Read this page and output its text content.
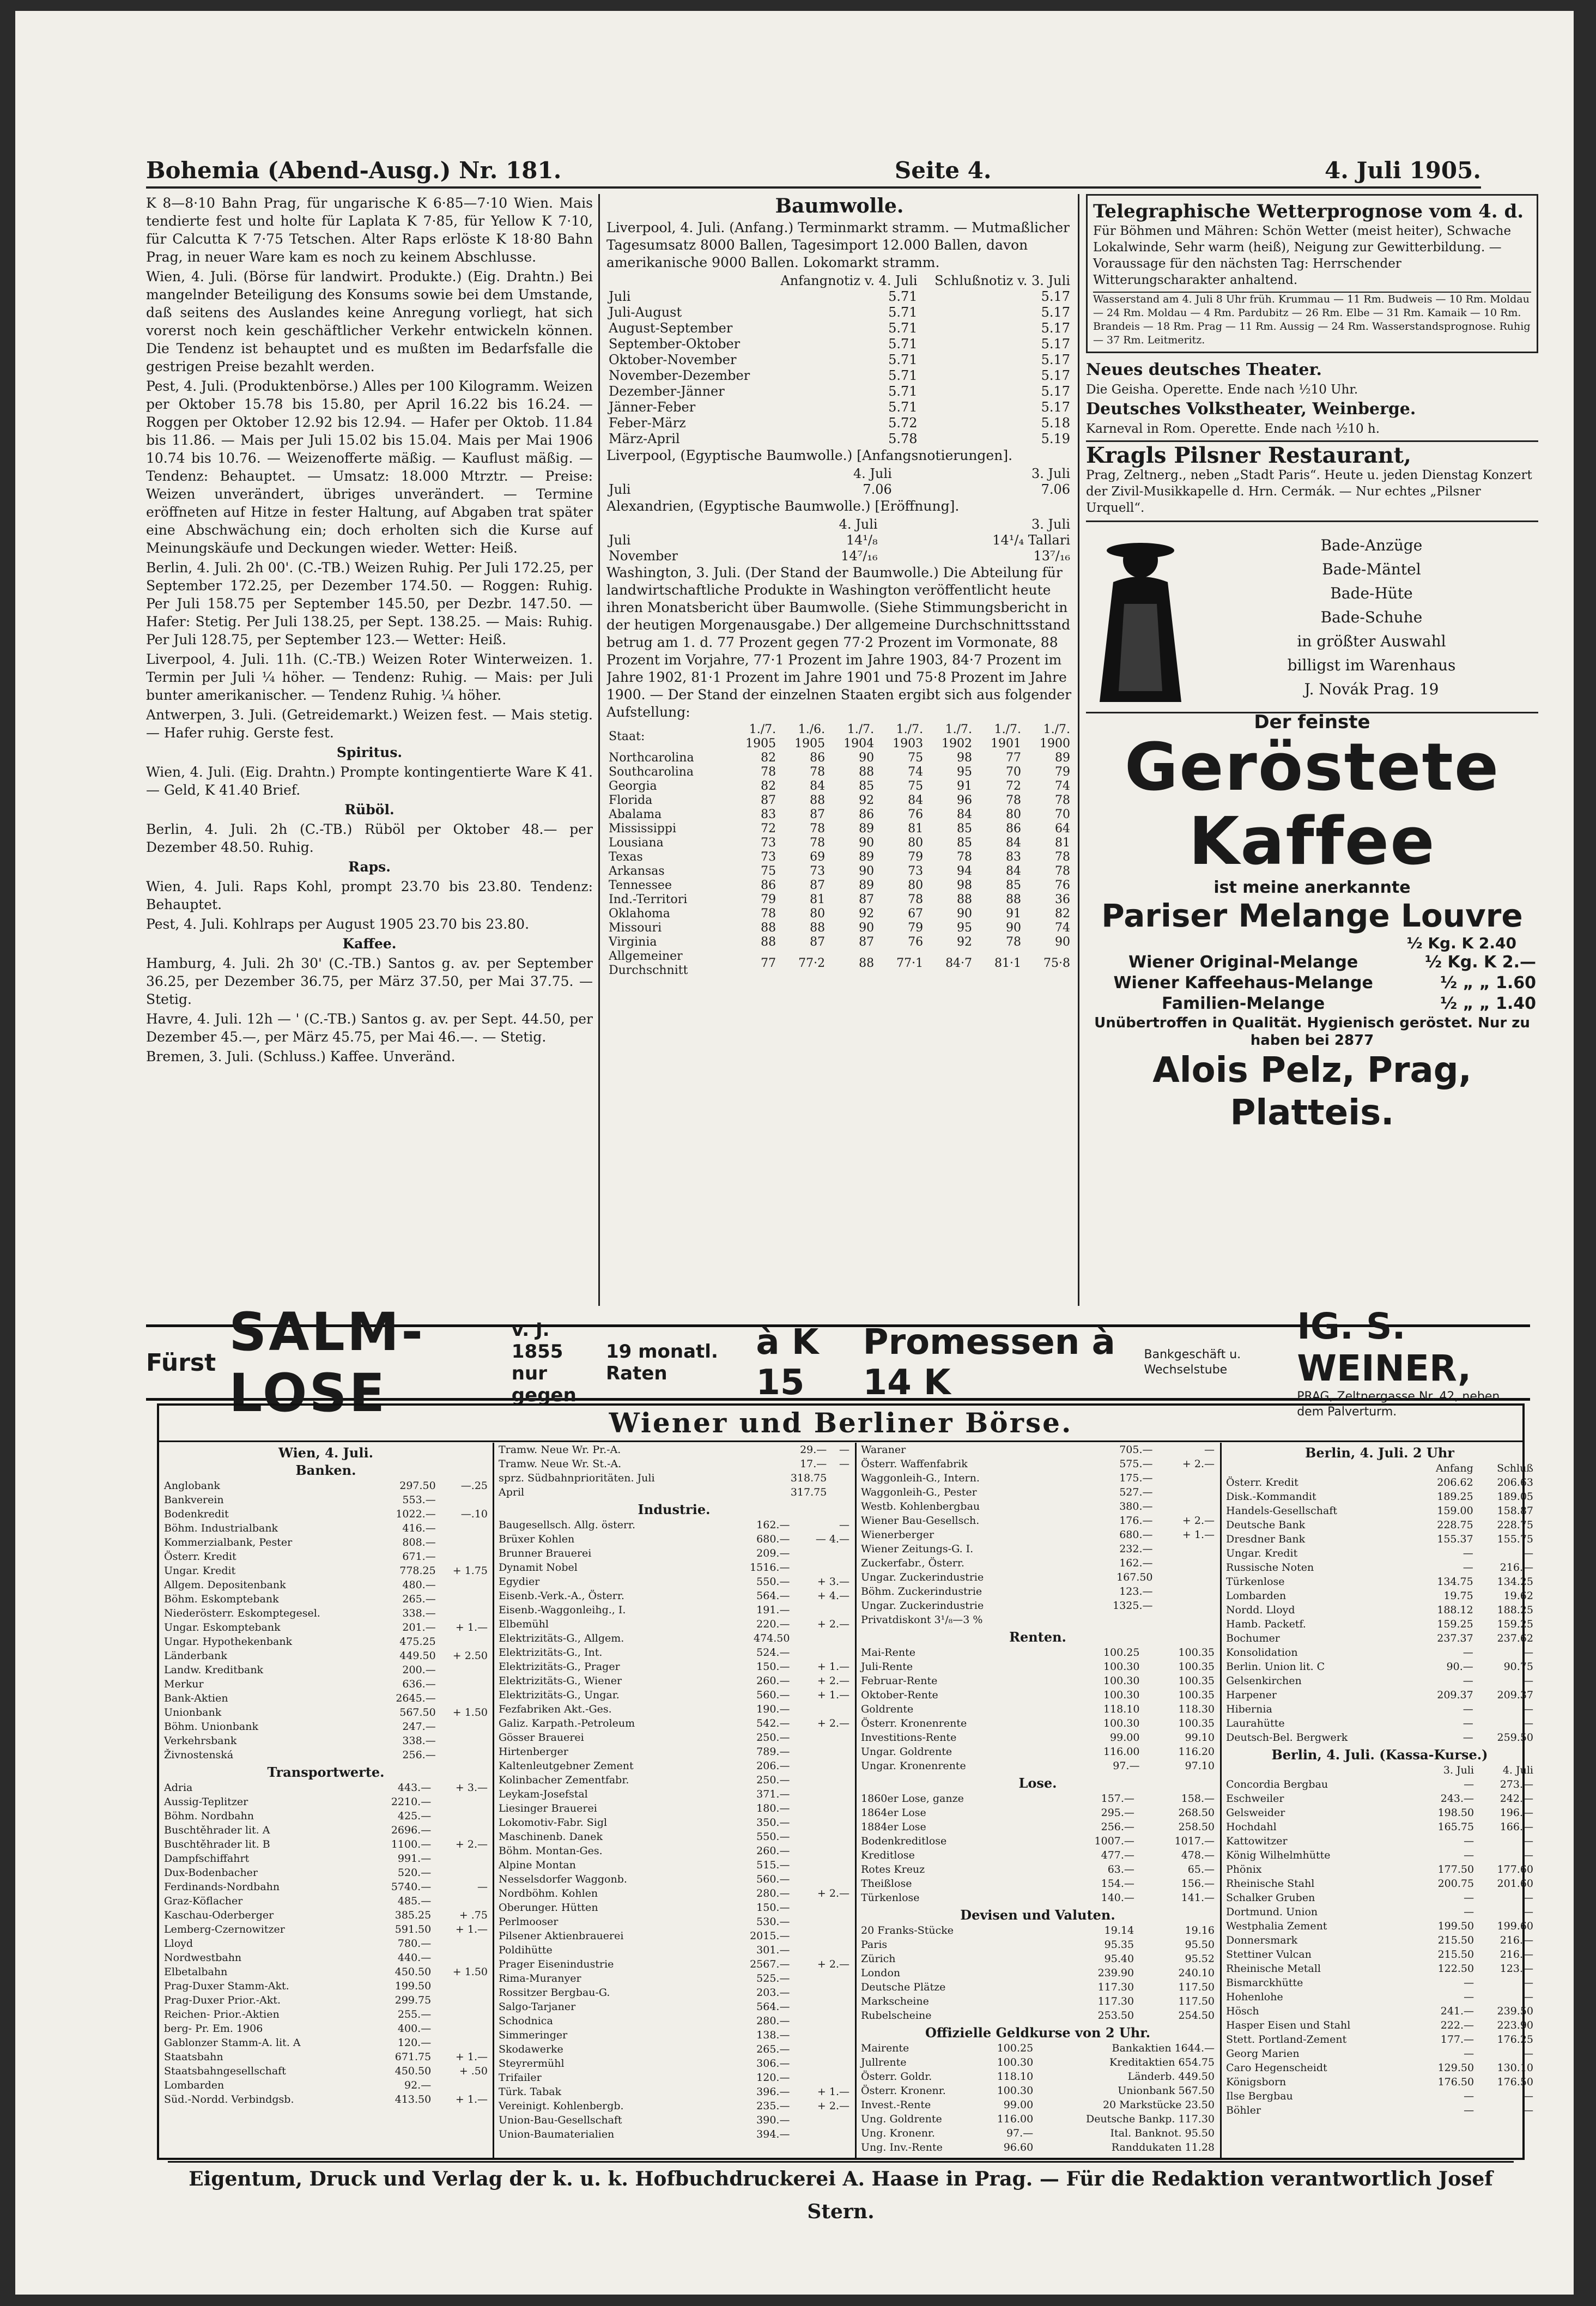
Bohemia (Abend-Ausg.) Nr. 181.	Seite 4.	4. Juli 1905.

K 8—8·10 Bahn Prag, für ungarische K 6·85—7·10 Wien. Mais tendierte fest und holte für Laplata K 7·85, für Yellow K 7·10, für Calcutta K 7·75 Tetschen. Alter Raps erlöste K 18·80 Bahn Prag, in neuer Ware kam es noch zu keinem Abschlusse.

Wien, 4. Juli. (Börse für landwirt. Produkte.) (Eig. Drahtn.) Bei mangelnder Beteiligung des Konsums sowie bei dem Umstande, daß seitens des Auslandes keine Anregung vorliegt, hat sich vorerst noch kein geschäftlicher Verkehr entwickeln können. Die Tendenz ist behauptet und es mußten im Bedarfsfalle die gestrigen Preise bezahlt werden.

Pest, 4. Juli. (Produktenbörse.) Alles per 100 Kilogramm. Weizen per Oktober 15.78 bis 15.80, per April 16.22 bis 16.24. — Roggen per Oktober 12.92 bis 12.94. — Hafer per Oktob. 11.84 bis 11.86. — Mais per Juli 15.02 bis 15.04. Mais per Mai 1906 10.74 bis 10.76. — Weizenofferte mäßig. — Kauflust mäßig. — Tendenz: Behauptet. — Umsatz: 18.000 Mtrztr. — Preise: Weizen unverändert, übriges unverändert. — Termine eröffneten auf Hitze in fester Haltung, auf Abgaben trat später eine Abschwächung ein; doch erholten sich die Kurse auf Meinungskäufe und Deckungen wieder. Wetter: Heiß.

Berlin, 4. Juli. 2h 00'. (C.-TB.) Weizen Ruhig. Per Juli 172.25, per September 172.25, per Dezember 174.50. — Roggen: Ruhig. Per Juli 158.75 per September 145.50, per Dezbr. 147.50. — Hafer: Stetig. Per Juli 138.25, per Sept. 138.25. — Mais: Ruhig. Per Juli 128.75, per September 123.— Wetter: Heiß.

Liverpool, 4. Juli. 11h. (C.-TB.) Weizen Roter Winterweizen. 1. Termin per Juli ¼ höher. — Tendenz: Ruhig. — Mais: per Juli bunter amerikanischer. — Tendenz Ruhig. ¼ höher.

Antwerpen, 3. Juli. (Getreidemarkt.) Weizen fest. — Mais stetig. — Hafer ruhig. Gerste fest.

Spiritus.

Wien, 4. Juli. (Eig. Drahtn.) Prompte kontingentierte Ware K 41.— Geld, K 41.40 Brief.

Rüböl.

Berlin, 4. Juli. 2h (C.-TB.) Rüböl per Oktober 48.— per Dezember 48.50. Ruhig.

Raps.

Wien, 4. Juli. Raps Kohl, prompt 23.70 bis 23.80. Tendenz: Behauptet.

Pest, 4. Juli. Kohlraps per August 1905 23.70 bis 23.80.

Kaffee.

Hamburg, 4. Juli. 2h 30' (C.-TB.) Santos g. av. per September 36.25, per Dezember 36.75, per März 37.50, per Mai 37.75. — Stetig.

Havre, 4. Juli. 12h — ' (C.-TB.) Santos g. av. per Sept. 44.50, per Dezember 45.—, per März 45.75, per Mai 46.—. — Stetig.

Bremen, 3. Juli. (Schluss.) Kaffee. Unveränd.

Baumwolle.

Liverpool, 4. Juli. (Anfang.) Terminmarkt stramm. — Mutmaßlicher Tagesumsatz 8000 Ballen, Tagesimport 12.000 Ballen, davon amerikanische 9000 Ballen. Lokomarkt stramm.

	Anfangnotiz v. 4. Juli	Schlußnotiz v. 3. Juli
Juli	5.71	5.17
Juli-August	5.71	5.17
August-September	5.71	5.17
September-Oktober	5.71	5.17
Oktober-November	5.71	5.17
November-Dezember	5.71	5.17
Dezember-Jänner	5.71	5.17
Jänner-Feber	5.71	5.17
Feber-März	5.72	5.18
März-April	5.78	5.19

Liverpool, (Egyptische Baumwolle.) [Anfangsnotierungen].

	4. Juli	3. Juli
Juli	7.06	7.06

Alexandrien, (Egyptische Baumwolle.) [Eröffnung].

	4. Juli	3. Juli
Juli	14¹/₈	14¹/₄ Tallari
November	14⁷/₁₆	13⁷/₁₆

Washington, 3. Juli. (Der Stand der Baumwolle.) Die Abteilung für landwirtschaftliche Produkte in Washington veröffentlicht heute ihren Monatsbericht über Baumwolle. (Siehe Stimmungsbericht in der heutigen Morgenausgabe.) Der allgemeine Durchschnittsstand betrug am 1. d. 77 Prozent gegen 77·2 Prozent im Vormonate, 88 Prozent im Vorjahre, 77·1 Prozent im Jahre 1903, 84·7 Prozent im Jahre 1902, 81·1 Prozent im Jahre 1901 und 75·8 Prozent im Jahre 1900. — Der Stand der einzelnen Staaten ergibt sich aus folgender Aufstellung:

Staat:	1./7. 1905	1./6. 1905	1./7. 1904	1./7. 1903	1./7. 1902	1./7. 1901	1./7. 1900
Northcarolina	82	86	90	75	98	77	89
Southcarolina	78	78	88	74	95	70	79
Georgia	82	84	85	75	91	72	74
Florida	87	88	92	84	96	78	78
Abalama	83	87	86	76	84	80	70
Mississippi	72	78	89	81	85	86	64
Lousiana	73	78	90	80	85	84	81
Texas	73	69	89	79	78	83	78
Arkansas	75	73	90	73	94	84	78
Tennessee	86	87	89	80	98	85	76
Ind.-Territori	79	81	87	78	88	88	36
Oklahoma	78	80	92	67	90	91	82
Missouri	88	88	90	79	95	90	74
Virginia	88	87	87	76	92	78	90
Allgemeiner Durchschnitt	77	77·2	88	77·1	84·7	81·1	75·8
Telegraphische Wetterprognose vom 4. d.
Für Böhmen und Mähren: Schön Wetter (meist heiter), Schwache Lokalwinde, Sehr warm (heiß), Neigung zur Gewitterbildung. — Voraussage für den nächsten Tag: Herrschender Witterungscharakter anhaltend.
Wasserstand am 4. Juli 8 Uhr früh. Krummau — 11 Rm. Budweis — 10 Rm. Moldau — 24 Rm. Moldau — 4 Rm. Pardubitz — 26 Rm. Elbe — 31 Rm. Kamaik — 10 Rm. Brandeis — 18 Rm. Prag — 11 Rm. Aussig — 24 Rm. Wasserstandsprognose. Ruhig — 37 Rm. Leitmeritz.
Neues deutsches Theater.
Die Geisha. Operette. Ende nach ½10 Uhr.
Deutsches Volkstheater, Weinberge.
Karneval in Rom. Operette. Ende nach ½10 h.
Kragls Pilsner Restaurant,
Prag, Zeltnerg., neben „Stadt Paris“. Heute u. jeden Dienstag Konzert der Zivil-Musikkapelle d. Hrn. Cermák. — Nur echtes „Pilsner Urquell“.
Bade-Anzüge
Bade-Mäntel
Bade-Hüte
Bade-Schuhe
in größter Auswahl
billigst im Warenhaus
J. Novák Prag. 19
Der feinste
Geröstete Kaffee
ist meine anerkannte
Pariser Melange Louvre
½ Kg. K 2.40
Wiener Original-Melange	½ Kg. K 2.—
Wiener Kaffeehaus-Melange	½ „ „ 1.60
Familien-Melange	½ „ „ 1.40
Unübertroffen in Qualität. Hygienisch geröstet. Nur zu haben bei 2877
Alois Pelz, Prag, Platteis.
Fürst SALM-LOSE
v. J. 1855
nur gegen
19 monatl. Raten
à K 15
Promessen à 14 K
Bankgeschäft u. Wechselstube
IG. S. WEINER,
PRAG, Zeltnergasse Nr. 42, neben dem Palverturm.
Wiener und Berliner Börse.
Wien, 4. Juli.
Banken.
Anglobank	297.50	—.25
Bankverein	553.—	
Bodenkredit	1022.—	—.10
Böhm. Industrialbank	416.—	
Kommerzialbank, Pester	808.—	
Österr. Kredit	671.—	
Ungar. Kredit	778.25	+ 1.75
Allgem. Depositenbank	480.—	
Böhm. Eskomptebank	265.—	
Niederösterr. Eskomptegesel.	338.—	
Ungar. Eskomptebank	201.—	+ 1.—
Ungar. Hypothekenbank	475.25	
Länderbank	449.50	+ 2.50
Landw. Kreditbank	200.—	
Merkur	636.—	
Bank-Aktien	2645.—	
Unionbank	567.50	+ 1.50
Böhm. Unionbank	247.—	
Verkehrsbank	338.—	
Živnostenská	256.—	
Transportwerte.
Adria	443.—	+ 3.—
Aussig-Teplitzer	2210.—	
Böhm. Nordbahn	425.—	
Buschtěhrader lit. A	2696.—	
Buschtěhrader lit. B	1100.—	+ 2.—
Dampfschiffahrt	991.—	
Dux-Bodenbacher	520.—	
Ferdinands-Nordbahn	5740.—	—
Graz-Köflacher	485.—	
Kaschau-Oderberger	385.25	+ .75
Lemberg-Czernowitzer	591.50	+ 1.—
Lloyd	780.—	
Nordwestbahn	440.—	
Elbetalbahn	450.50	+ 1.50
Prag-Duxer Stamm-Akt.	199.50	
Prag-Duxer Prior.-Akt.	299.75	
Reichen- Prior.-Aktien	255.—	
berg- Pr. Em. 1906	400.—	
Gablonzer Stamm-A. lit. A	120.—	
Staatsbahn	671.75	+ 1.—
Staatsbahngesellschaft	450.50	+ .50
Lombarden	92.—	
Süd.-Nordd. Verbindgsb.	413.50	+ 1.—
Tramw. Neue Wr. Pr.-A.	29.—	—
Tramw. Neue Wr. St.-A.	17.—	—
sprz. Südbahnprioritäten. Juli	318.75	
April	317.75	
Industrie.
Baugesellsch. Allg. österr.	162.—	—
Brüxer Kohlen	680.—	— 4.—
Brunner Brauerei	209.—	
Dynamit Nobel	1516.—	
Egydier	550.—	+ 3.—
Eisenb.-Verk.-A., Österr.	564.—	+ 4.—
Eisenb.-Waggonleihg., I.	191.—	
Elbemühl	220.—	+ 2.—
Elektrizitäts-G., Allgem.	474.50	
Elektrizitäts-G., Int.	524.—	
Elektrizitäts-G., Prager	150.—	+ 1.—
Elektrizitäts-G., Wiener	260.—	+ 2.—
Elektrizitäts-G., Ungar.	560.—	+ 1.—
Fezfabriken Akt.-Ges.	190.—	
Galiz. Karpath.-Petroleum	542.—	+ 2.—
Gösser Brauerei	250.—	
Hirtenberger	789.—	
Kaltenleutgebner Zement	206.—	
Kolinbacher Zementfabr.	250.—	
Leykam-Josefstal	371.—	
Liesinger Brauerei	180.—	
Lokomotiv-Fabr. Sigl	350.—	
Maschinenb. Danek	550.—	
Böhm. Montan-Ges.	260.—	
Alpine Montan	515.—	
Nesselsdorfer Waggonb.	560.—	
Nordböhm. Kohlen	280.—	+ 2.—
Oberunger. Hütten	150.—	
Perlmooser	530.—	
Pilsener Aktienbrauerei	2015.—	
Poldihütte	301.—	
Prager Eisenindustrie	2567.—	+ 2.—
Rima-Muranyer	525.—	
Rossitzer Bergbau-G.	203.—	
Salgo-Tarjaner	564.—	
Schodnica	280.—	
Simmeringer	138.—	
Skodawerke	265.—	
Steyrermühl	306.—	
Trifailer	120.—	
Türk. Tabak	396.—	+ 1.—
Vereinigt. Kohlenbergb.	235.—	+ 2.—
Union-Bau-Gesellschaft	390.—	
Union-Baumaterialien	394.—	
Waraner	705.—	—
Österr. Waffenfabrik	575.—	+ 2.—
Waggonleih-G., Intern.	175.—	
Waggonleih-G., Pester	527.—	
Westb. Kohlenbergbau	380.—	
Wiener Bau-Gesellsch.	176.—	+ 2.—
Wienerberger	680.—	+ 1.—
Wiener Zeitungs-G. I.	232.—	
Zuckerfabr., Österr.	162.—	
Ungar. Zuckerindustrie	167.50	
Böhm. Zuckerindustrie	123.—	
Ungar. Zuckerindustrie	1325.—	
Privatdiskont 3¹/₈—3 %		
Renten.
Mai-Rente	100.25	100.35
Juli-Rente	100.30	100.35
Februar-Rente	100.30	100.35
Oktober-Rente	100.30	100.35
Goldrente	118.10	118.30
Österr. Kronenrente	100.30	100.35
Investitions-Rente	99.00	99.10
Ungar. Goldrente	116.00	116.20
Ungar. Kronenrente	97.—	97.10
Lose.
1860er Lose, ganze	157.—	158.—
1864er Lose	295.—	268.50
1884er Lose	256.—	258.50
Bodenkreditlose	1007.—	1017.—
Kreditlose	477.—	478.—
Rotes Kreuz	63.—	65.—
Theißlose	154.—	156.—
Türkenlose	140.—	141.—
Devisen und Valuten.
20 Franks-Stücke	19.14	19.16
Paris	95.35	95.50
Zürich	95.40	95.52
London	239.90	240.10
Deutsche Plätze	117.30	117.50
Markscheine	117.30	117.50
Rubelscheine	253.50	254.50
Offizielle Geldkurse von 2 Uhr.
Mairente	100.25	Bankaktien 1644.—
Jullrente	100.30	Kreditaktien 654.75
Österr. Goldr.	118.10	Länderb. 449.50
Österr. Kronenr.	100.30	Unionbank 567.50
Invest.-Rente	99.00	20 Markstücke 23.50
Ung. Goldrente	116.00	Deutsche Bankp. 117.30
Ung. Kronenr.	97.—	Ital. Banknot. 95.50
Ung. Inv.-Rente	96.60	Randdukaten 11.28
Berlin, 4. Juli. 2 Uhr
	Anfang	Schluß
Österr. Kredit	206.62	206.63
Disk.-Kommandit	189.25	189.05
Handels-Gesellschaft	159.00	158.87
Deutsche Bank	228.75	228.75
Dresdner Bank	155.37	155.75
Ungar. Kredit	—	—
Russische Noten	—	216.—
Türkenlose	134.75	134.25
Lombarden	19.75	19.62
Nordd. Lloyd	188.12	188.25
Hamb. Packetf.	159.25	159.25
Bochumer	237.37	237.62
Konsolidation	—	—
Berlin. Union lit. C	90.—	90.75
Gelsenkirchen	—	—
Harpener	209.37	209.37
Hibernia	—	—
Laurahütte	—	—
Deutsch-Bel. Bergwerk	—	259.50
Berlin, 4. Juli. (Kassa-Kurse.)
	3. Juli	4. Juli
Concordia Bergbau	—	273.—
Eschweiler	243.—	242.—
Gelsweider	198.50	196.—
Hochdahl	165.75	166.—
Kattowitzer	—	—
König Wilhelmhütte	—	—
Phönix	177.50	177.60
Rheinische Stahl	200.75	201.60
Schalker Gruben	—	—
Dortmund. Union	—	—
Westphalia Zement	199.50	199.60
Donnersmark	215.50	216.—
Stettiner Vulcan	215.50	216.—
Rheinische Metall	122.50	123.—
Bismarckhütte	—	—
Hohenlohe	—	—
Hösch	241.—	239.50
Hasper Eisen und Stahl	222.—	223.90
Stett. Portland-Zement	177.—	176.25
Georg Marien	—	—
Caro Hegenscheidt	129.50	130.10
Königsborn	176.50	176.50
Ilse Bergbau	—	—
Böhler	—	—
Eigentum, Druck und Verlag der k. u. k. Hofbuchdruckerei A. Haase in Prag. — Für die Redaktion verantwortlich Josef Stern.
